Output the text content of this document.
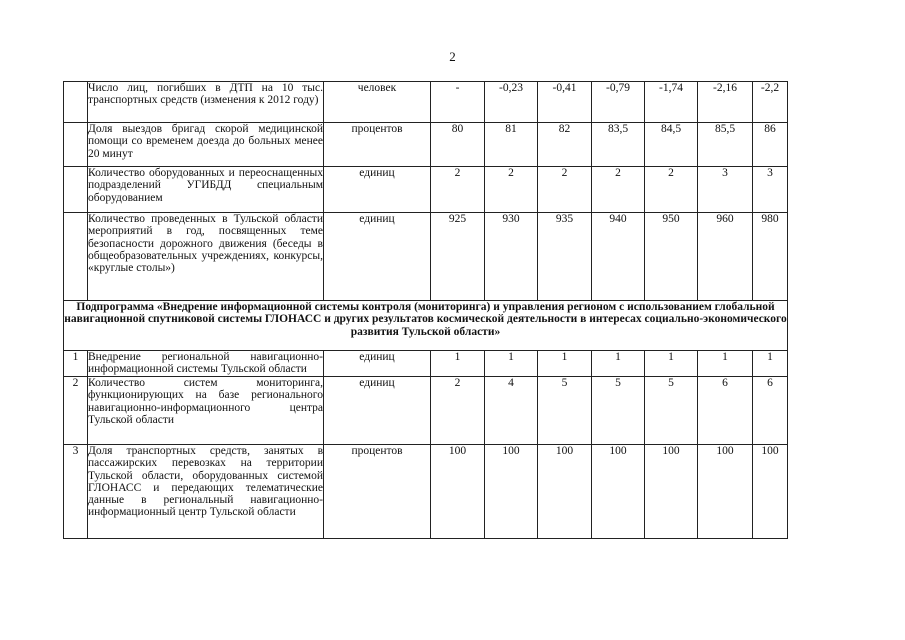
2
	Число лиц, погибших в ДТП на 10 тыс. транспортных средств (изменения к 2012 году)	человек	-	-0,23	-0,41	-0,79	-1,74	-2,16	-2,2
	Доля выездов бригад скорой медицинской помощи со временем доезда до больных менее 20 минут	процентов	80	81	82	83,5	84,5	85,5	86
	Количество оборудованных и переоснащенных подразделений УГИБДД специальным оборудованием	единиц	2	2	2	2	2	3	3
	Количество проведенных в Тульской области мероприятий в год, посвященных теме безопасности дорожного движения (беседы в общеобразовательных учреждениях, конкурсы, «круглые столы»)	единиц	925	930	935	940	950	960	980
Подпрограмма «Внедрение информационной системы контроля (мониторинга) и управления регионом с использованием глобальной навигационной спутниковой системы ГЛОНАСС и других результатов космической деятельности в интересах социально-экономического развития Тульской области»									
1	Внедрение региональной навигационно-информационной системы Тульской области	единиц	1	1	1	1	1	1	1
2	Количество систем мониторинга, функционирующих на базе регионального навигационно-информационного центра Тульской области	единиц	2	4	5	5	5	6	6
3	Доля транспортных средств, занятых в пассажирских перевозках на территории Тульской области, оборудованных системой ГЛОНАСС и передающих телематические данные в региональный навигационно-информационный центр Тульской области	процентов	100	100	100	100	100	100	100
